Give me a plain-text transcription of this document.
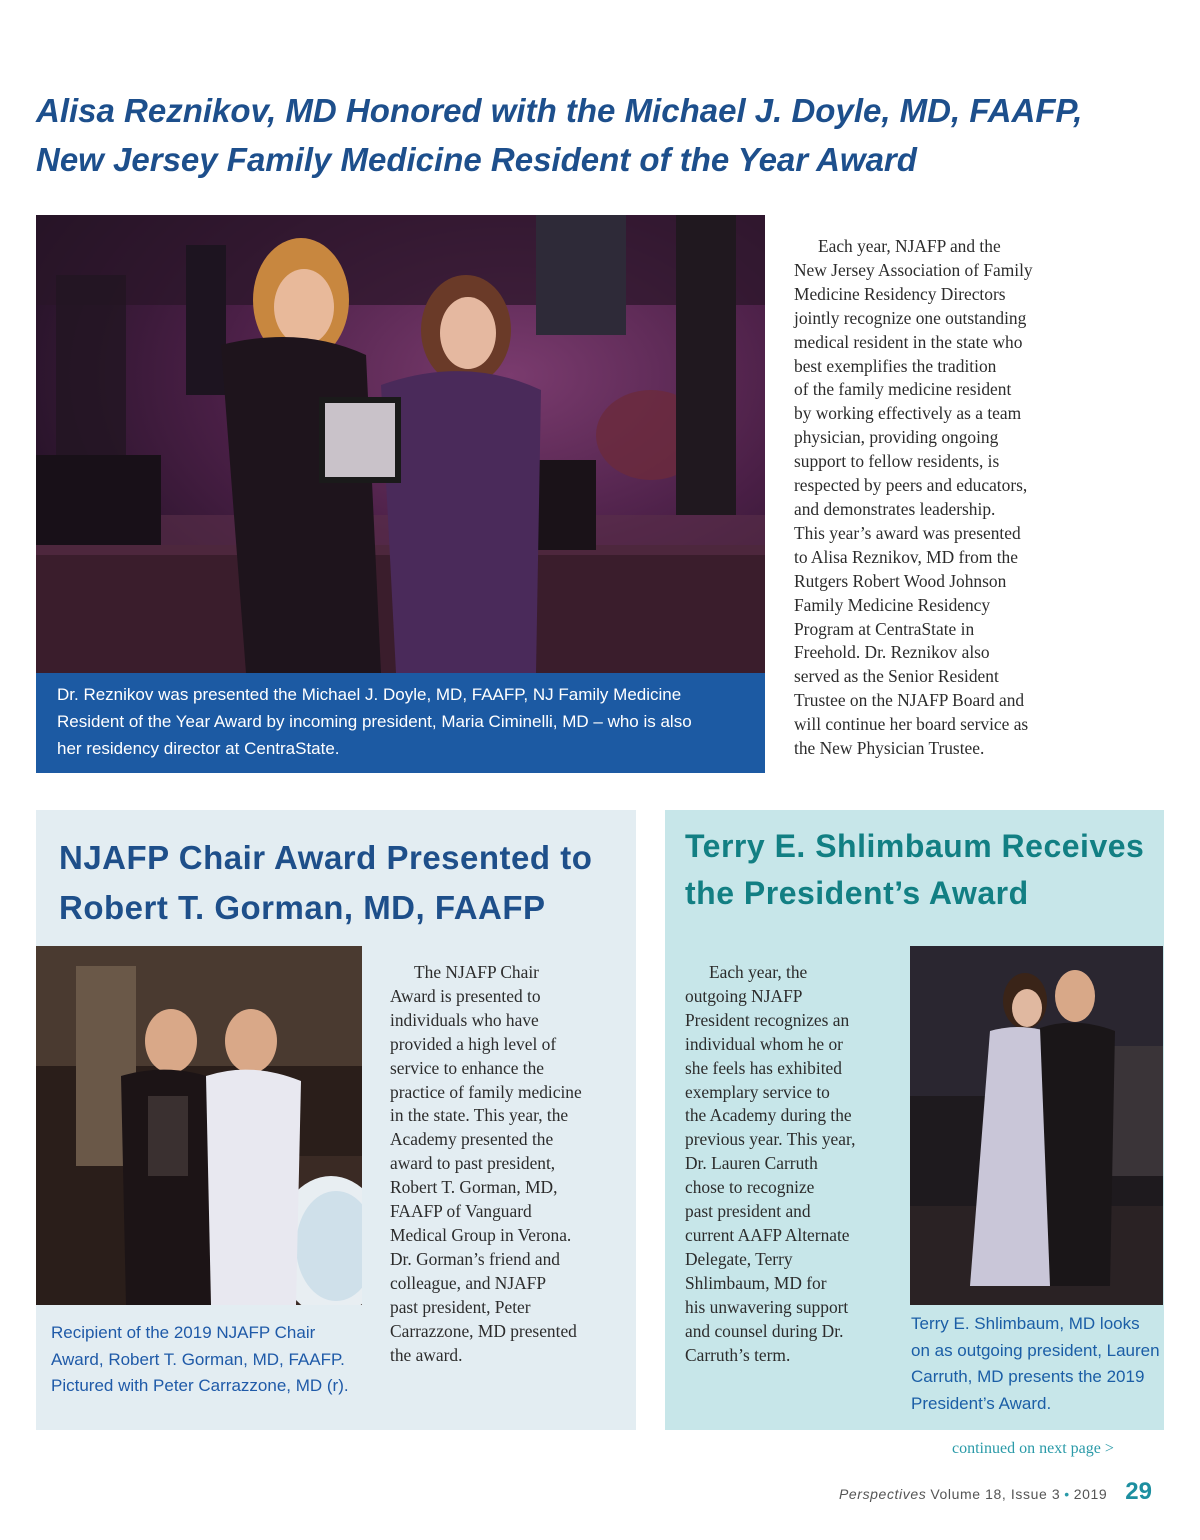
Alisa Reznikov, MD Honored with the Michael J. Doyle, MD, FAAFP,
New Jersey Family Medicine Resident of the Year Award
Dr. Reznikov was presented the Michael J. Doyle, MD, FAAFP, NJ Family Medicine
Resident of the Year Award by incoming president, Maria Ciminelli, MD – who is also
her residency director at CentraState.
Each year, NJAFP and the
New Jersey Association of Family
Medicine Residency Directors
jointly recognize one outstanding
medical resident in the state who
best exemplifies the tradition
of the family medicine resident
by working effectively as a team
physician, providing ongoing
support to fellow residents, is
respected by peers and educators,
and demonstrates leadership.
This year’s award was presented
to Alisa Reznikov, MD from the
Rutgers Robert Wood Johnson
Family Medicine Residency
Program at CentraState in
Freehold. Dr. Reznikov also
served as the Senior Resident
Trustee on the NJAFP Board and
will continue her board service as
the New Physician Trustee.
NJAFP Chair Award Presented to
Robert T. Gorman, MD, FAAFP
The NJAFP Chair
Award is presented to
individuals who have
provided a high level of
service to enhance the
practice of family medicine
in the state. This year, the
Academy presented the
award to past president,
Robert T. Gorman, MD,
FAAFP of Vanguard
Medical Group in Verona.
Dr. Gorman’s friend and
colleague, and NJAFP
past president, Peter
Carrazzone, MD presented
the award.
Recipient of the 2019 NJAFP Chair
Award, Robert T. Gorman, MD, FAAFP.
Pictured with Peter Carrazzone, MD (r).
Terry E. Shlimbaum Receives
the President’s Award
Each year, the
outgoing NJAFP
President recognizes an
individual whom he or
she feels has exhibited
exemplary service to
the Academy during the
previous year. This year,
Dr. Lauren Carruth
chose to recognize
past president and
current AAFP Alternate
Delegate, Terry
Shlimbaum, MD for
his unwavering support
and counsel during Dr.
Carruth’s term.
Terry E. Shlimbaum, MD looks
on as outgoing president, Lauren
Carruth, MD presents the 2019
President’s Award.
continued on next page >
Perspectives Volume 18, Issue 3 • 2019 29
